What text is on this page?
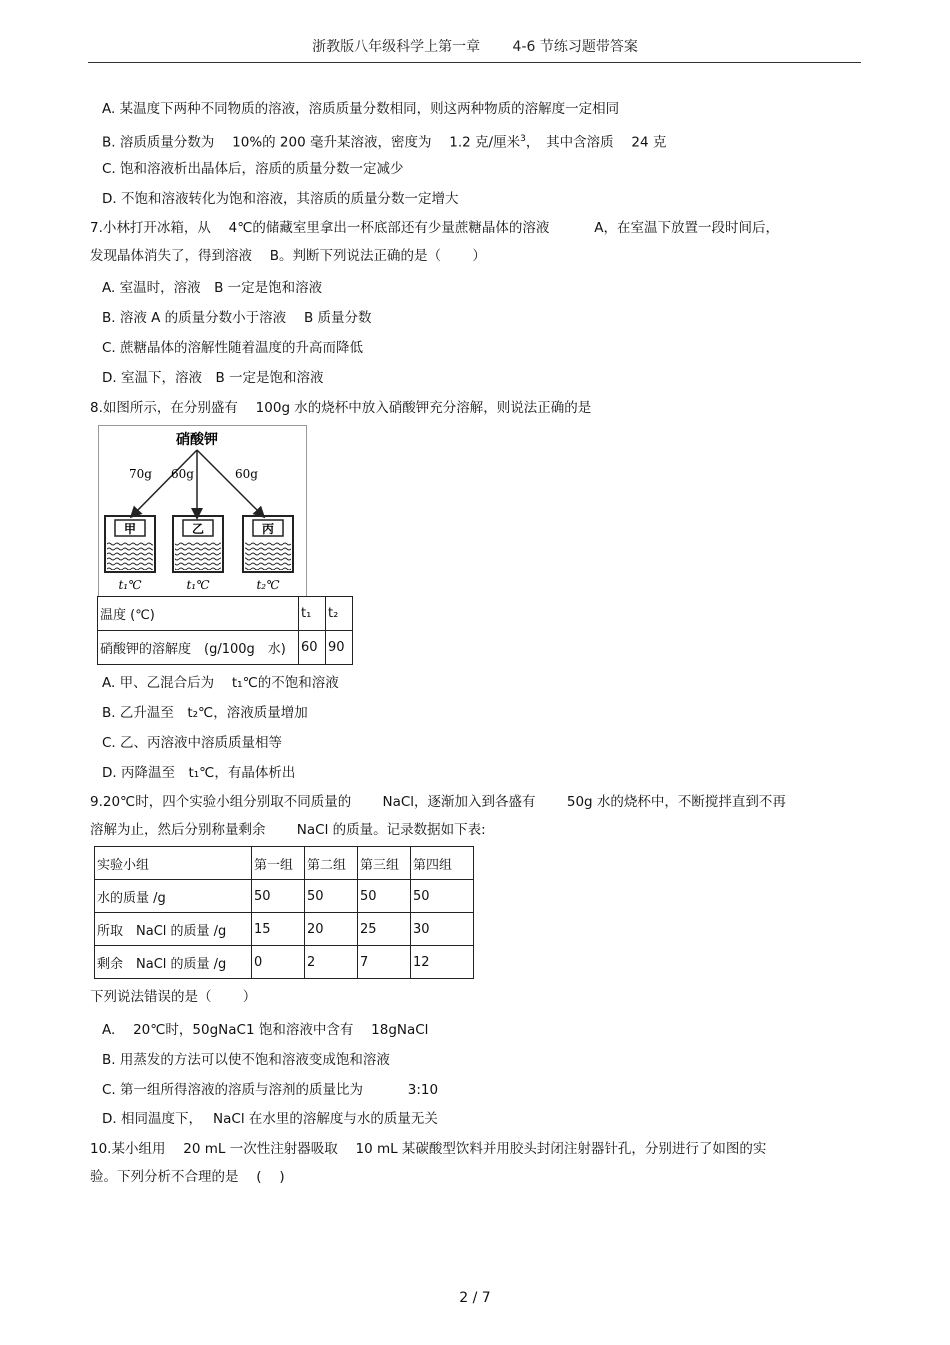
浙教版八年级科学上第一章　　 4-6 节练习题带答案
A. 某温度下两种不同物质的溶液，溶质质量分数相同，则这两种物质的溶解度一定相同
B. 溶质质量分数为　 10%的 200 毫升某溶液，密度为　 1.2 克/厘米$^3$，　其中含溶质　 24 克
C. 饱和溶液析出晶体后，溶质的质量分数一定减少
D. 不饱和溶液转化为饱和溶液，其溶质的质量分数一定增大
7.小林打开冰箱，从　 4℃的储藏室里拿出一杯底部还有少量蔗糖晶体的溶液　　　 A，在室温下放置一段时间后，
发现晶体消失了，得到溶液　 B。判断下列说法正确的是（　　 ）
A. 室温时，溶液　B 一定是饱和溶液
B. 溶液 A 的质量分数小于溶液　 B 质量分数
C. 蔗糖晶体的溶解性随着温度的升高而降低
D. 室温下，溶液　B 一定是饱和溶液
8.如图所示，在分别盛有　 100g 水的烧杯中放入硝酸钾充分溶解，则说法正确的是
硝酸钾
70g 60g	60g
甲	乙	丙
t₁℃	t₁℃	t₂℃
温度 (℃)	t₁	t₂
硝酸钾的溶解度　(g/100g　水)	60	90
A. 甲、乙混合后为　 t₁℃的不饱和溶液
B. 乙升温至　t₂℃，溶液质量增加
C. 乙、丙溶液中溶质质量相等
D. 丙降温至　t₁℃，有晶体析出
9.20℃时，四个实验小组分别取不同质量的　　 NaCl，逐渐加入到各盛有　　 50g 水的烧杯中，不断搅拌直到不再
溶解为止，然后分别称量剩余　　 NaCl 的质量。记录数据如下表:
实验小组	第一组	第二组	第三组	第四组
水的质量 /g	50	50	50	50
所取　NaCl 的质量 /g	15	20	25	30
剩余　NaCl 的质量 /g	0	2	7	12
下列说法错误的是（　　 ）
A.　 20℃时，50gNaC1 饱和溶液中含有　 18gNaCl
B. 用蒸发的方法可以使不饱和溶液变成饱和溶液
C. 第一组所得溶液的溶质与溶剂的质量比为　　　 3:10
D. 相同温度下，　 NaCl 在水里的溶解度与水的质量无关
10.某小组用　 20 mL 一次性注射器吸取　 10 mL 某碳酸型饮料并用胶头封闭注射器针孔，分别进行了如图的实
验。下列分析不合理的是　 (　 )
2 / 7
